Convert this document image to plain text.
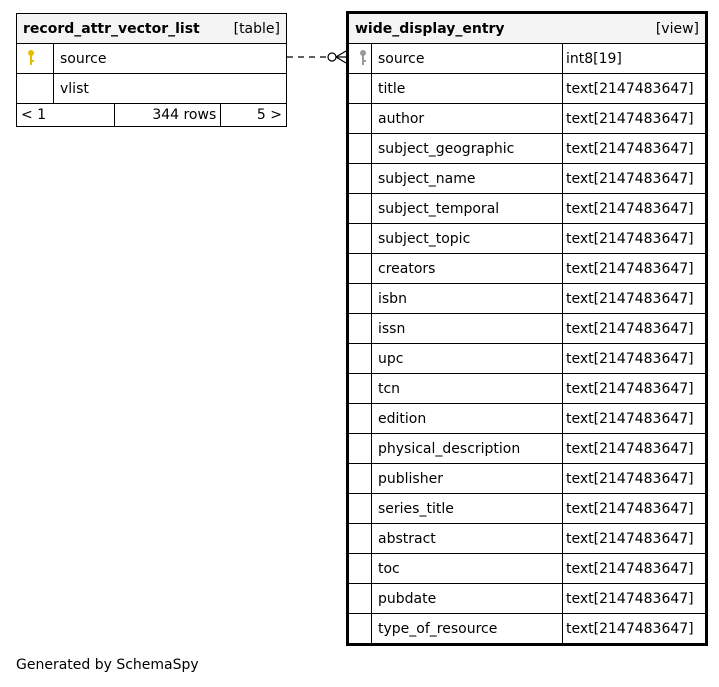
record_attr_vector_list [table]

	source
	vlist

< 1	344 rows	5 >
wide_display_entry [view]		

	source	int8[19]
	title	text[2147483647]
	author	text[2147483647]
	subject_geographic	text[2147483647]
	subject_name	text[2147483647]
	subject_temporal	text[2147483647]
	subject_topic	text[2147483647]
	creators	text[2147483647]
	isbn	text[2147483647]
	issn	text[2147483647]
	upc	text[2147483647]
	tcn	text[2147483647]
	edition	text[2147483647]
	physical_description	text[2147483647]
	publisher	text[2147483647]
	series_title	text[2147483647]
	abstract	text[2147483647]
	toc	text[2147483647]
	pubdate	text[2147483647]
	type_of_resource	text[2147483647]
Generated by SchemaSpy
